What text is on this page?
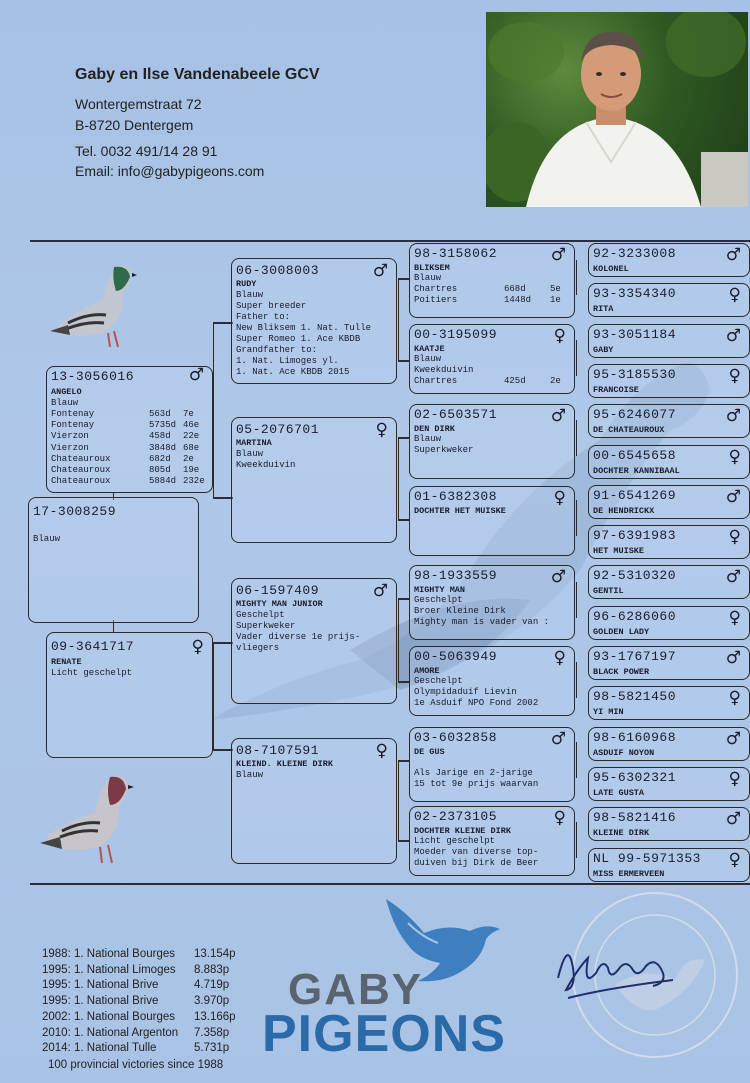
Gaby en Ilse Vandenabeele GCV
Wontergemstraat 72
B-8720 Dentergem
Tel. 0032 491/14 28 91
Email: info@gabypigeons.com
17-3008259
Blauw
13-3056016	♂
ANGELO
Blauw
Fontenay	563d 7e
Fontenay	5735d 46e
Vierzon	458d 22e
Vierzon	3848d 68e
Chateauroux	682d 2e
Chateauroux	805d 19e
Chateauroux	5884d 232e
09-3641717	♀
RENATE
Licht geschelpt
06-3008003	♂
RUDY
Blauw
Super breeder
Father to:
New Bliksem 1. Nat. Tulle
Super Romeo 1. Ace KBDB
Grandfather to:
1. Nat. Limoges yl.
1. Nat. Ace KBDB 2015
05-2076701	♀
MARTINA
Blauw
Kweekduivin
06-1597409	♂
MIGHTY MAN JUNIOR
Geschelpt
Superkweker
Vader diverse 1e prijs-
vliegers
08-7107591	♀
KLEIND. KLEINE DIRK
Blauw
98-3158062	♂
BLIKSEM
Blauw
Chartres	668d	5e
Poitiers	1448d 1e
00-3195099	♀
KAATJE
Blauw
Kweekduivin
Chartres	425d	2e
02-6503571	♂
DEN DIRK
Blauw
Superkweker
01-6382308	♀
DOCHTER HET MUISKE
98-1933559	♂
MIGHTY MAN
Geschelpt
Broer Kleine Dirk
Mighty man is vader van :
00-5063949	♀
AMORE
Geschelpt
Olympidaduif Lievin
1e Asduif NPO Fond 2002
03-6032858	♂
DE GUS
Als Jarige en 2-jarige
15 tot 9e prijs waarvan
02-2373105	♀
DOCHTER KLEINE DIRK
Licht geschelpt
Moeder van diverse top-
duiven bij Dirk de Beer
92-3233008	♂
KOLONEL
93-3354340	♀
RITA
93-3051184	♂
GABY
95-3185530	♀
FRANCOISE
95-6246077	♂
DE CHATEAUROUX
00-6545658	♀
DOCHTER KANNIBAAL
91-6541269	♂
DE HENDRICKX
97-6391983	♀
HET MUISKE
92-5310320	♂
GENTIL
96-6286060	♀
GOLDEN LADY
93-1767197	♂
BLACK POWER
98-5821450	♀
YI MIN
98-6160968	♂
ASDUIF NOYON
95-6302321	♀
LATE GUSTA
98-5821416	♂
KLEINE DIRK
NL 99-5971353 ♀
MISS ERMERVEEN
1988: 1. National Bourges 13.154p
1995: 1. National Limoges 8.883p
1995: 1. National Brive	4.719p
1995: 1. National Brive	3.970p
2002: 1. National Bourges 13.166p
2010: 1. National Argenton 7.358p
2014: 1. National Tulle	5.731p
100 provincial victories since 1988
GABY
PIGEONS
